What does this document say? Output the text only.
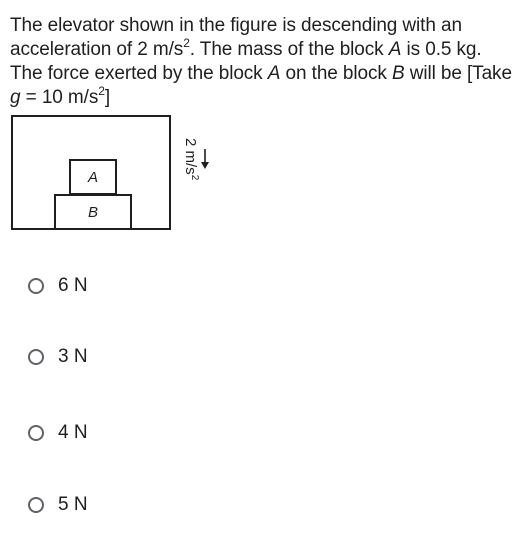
The elevator shown in the figure is descending with an
acceleration of 2 $m/s^2$. The mass of the block A is 0.5 kg.
The force exerted by the block A on the block B will be [Take
g = 10 $m/s^2$]
A
B
2 $m/s^2$
6 N
3 N
4 N
5 N
